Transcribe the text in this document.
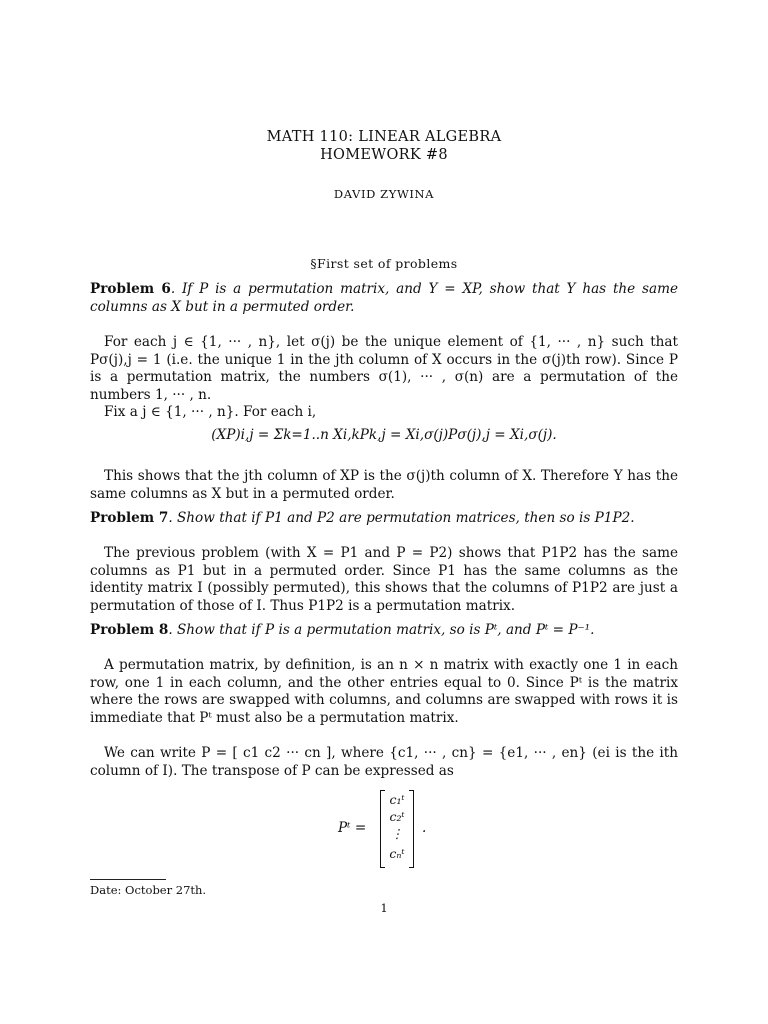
MATH 110: LINEAR ALGEBRA
HOMEWORK #8
DAVID ZYWINA
§First set of problems

Problem 6. If P is a permutation matrix, and Y = XP, show that Y has the same columns as X but in a permuted order.

For each j ∈ {1, ··· , n}, let σ(j) be the unique element of {1, ··· , n} such that Pσ(j),j = 1 (i.e. the unique 1 in the jth column of X occurs in the σ(j)th row). Since P is a permutation matrix, the numbers σ(1), ··· , σ(n) are a permutation of the numbers 1, ··· , n.

Fix a j ∈ {1, ··· , n}. For each i,

(XP)i,j = Σk=1..n Xi,kPk,j = Xi,σ(j)Pσ(j),j = Xi,σ(j).

This shows that the jth column of XP is the σ(j)th column of X. Therefore Y has the same columns as X but in a permuted order.

Problem 7. Show that if P1 and P2 are permutation matrices, then so is P1P2.

The previous problem (with X = P1 and P = P2) shows that P1P2 has the same columns as P1 but in a permuted order. Since P1 has the same columns as the identity matrix I (possibly permuted), this shows that the columns of P1P2 are just a permutation of those of I. Thus P1P2 is a permutation matrix.

Problem 8. Show that if P is a permutation matrix, so is Pᵗ, and Pᵗ = P⁻¹.

A permutation matrix, by definition, is an n × n matrix with exactly one 1 in each row, one 1 in each column, and the other entries equal to 0. Since Pᵗ is the matrix where the rows are swapped with columns, and columns are swapped with rows it is immediate that Pᵗ must also be a permutation matrix.

We can write P = [ c1 c2 ··· cn ], where {c1, ··· , cn} = {e1, ··· , en} (ei is the ith column of I). The transpose of P can be expressed as

Pᵗ =
c₁ᵗ
c₂ᵗ
⋮
cₙᵗ
.
Date: October 27th.
1
